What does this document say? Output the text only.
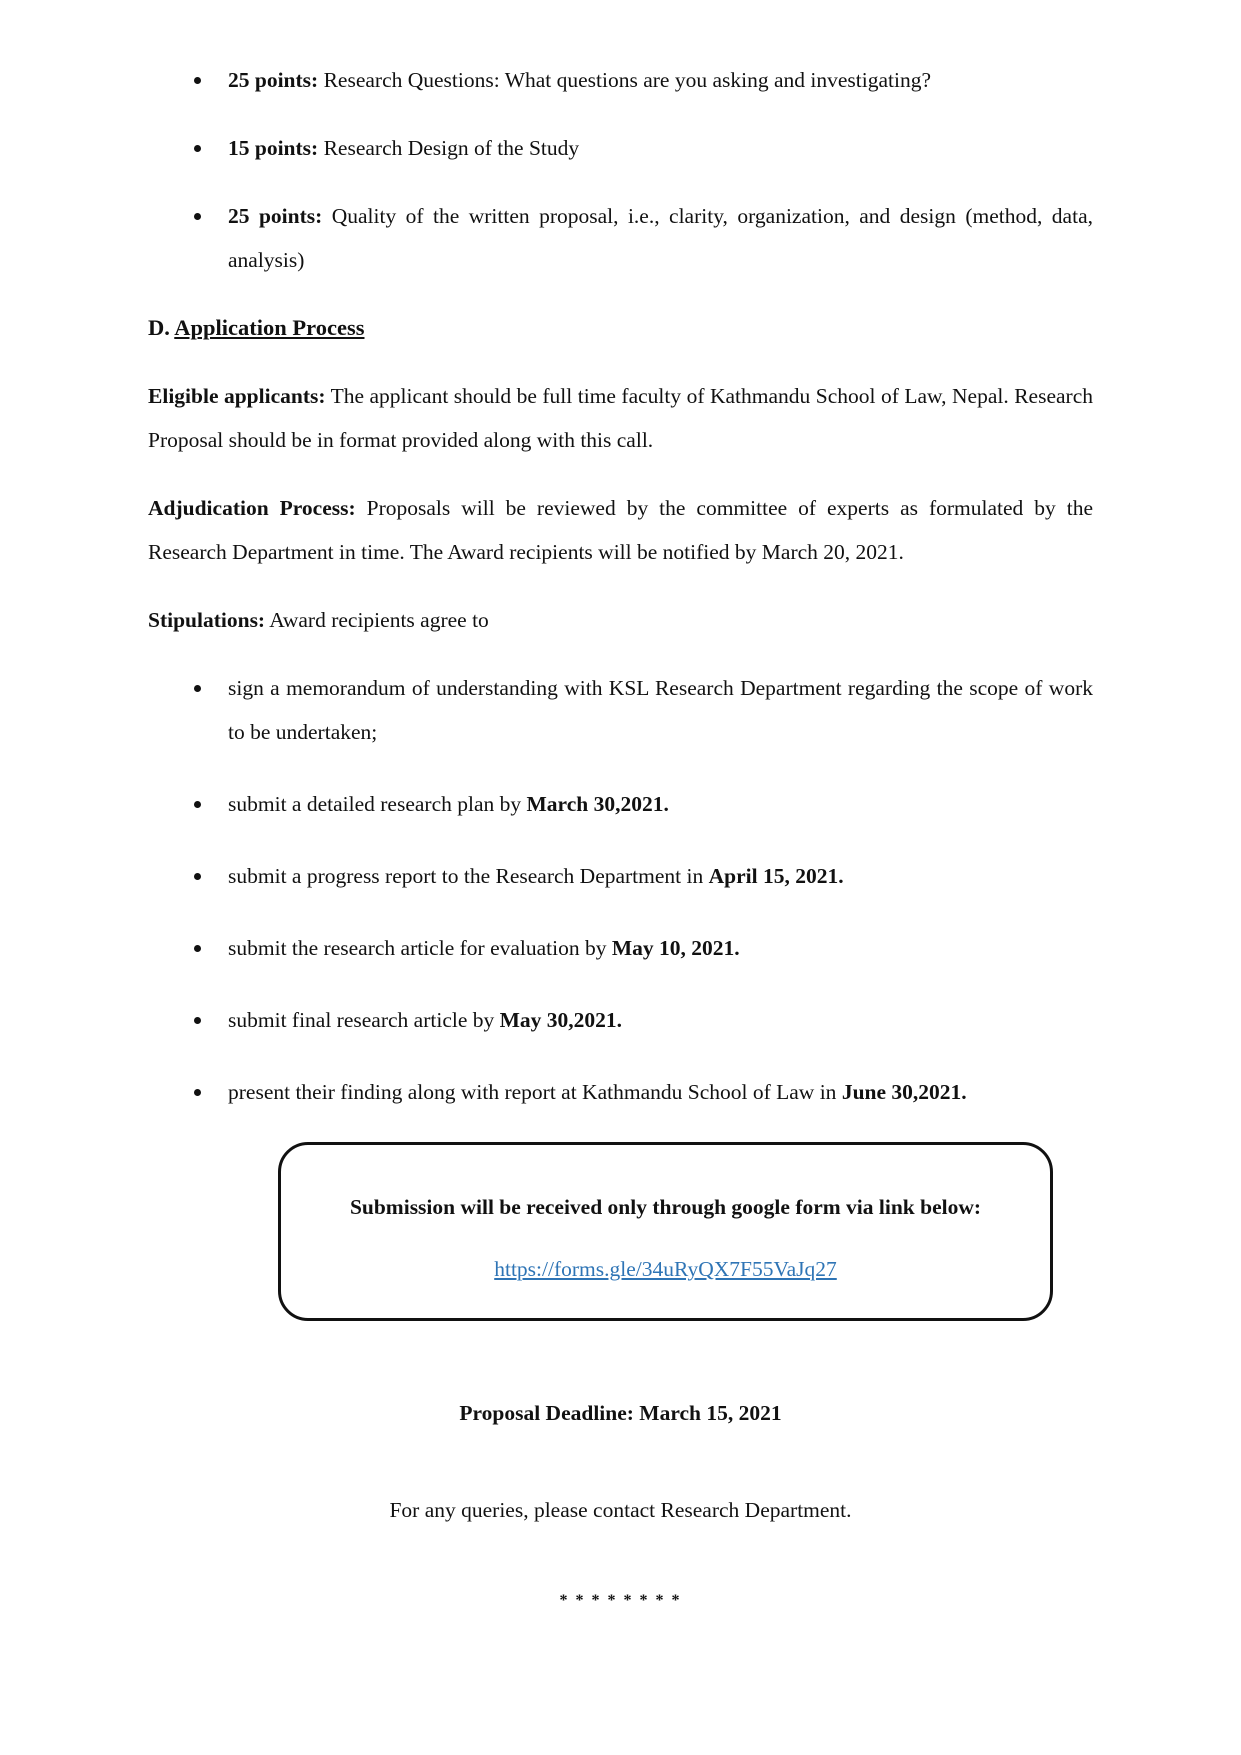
25 points: Research Questions: What questions are you asking and investigating?
15 points: Research Design of the Study
25 points: Quality of the written proposal, i.e., clarity, organization, and design (method, data, analysis)
D. Application Process

Eligible applicants: The applicant should be full time faculty of Kathmandu School of Law, Nepal. Research Proposal should be in format provided along with this call.

Adjudication Process: Proposals will be reviewed by the committee of experts as formulated by the Research Department in time. The Award recipients will be notified by March 20, 2021.

Stipulations: Award recipients agree to

sign a memorandum of understanding with KSL Research Department regarding the scope of work to be undertaken;
submit a detailed research plan by March 30,2021.
submit a progress report to the Research Department in April 15, 2021.
submit the research article for evaluation by May 10, 2021.
submit final research article by May 30,2021.
present their finding along with report at Kathmandu School of Law in June 30,2021.

Submission will be received only through google form via link below:

https://forms.gle/34uRyQX7F55VaJq27

Proposal Deadline: March 15, 2021

For any queries, please contact Research Department.

* * * * * * * *
